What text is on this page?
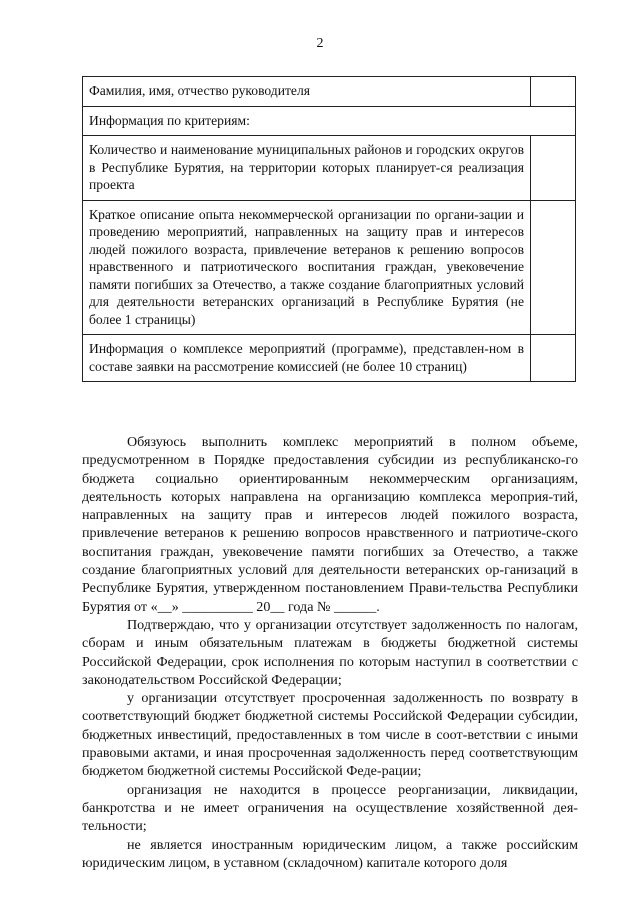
2
Фамилия, имя, отчество руководителя	
Информация по критериям:	
Количество и наименование муниципальных районов и городских округов в Республике Бурятия, на территории которых планирует-ся реализация проекта	
Краткое описание опыта некоммерческой организации по органи-зации и проведению мероприятий, направленных на защиту прав и интересов людей пожилого возраста, привлечение ветеранов к решению вопросов нравственного и патриотического воспитания граждан, увековечение памяти погибших за Отечество, а также создание благоприятных условий для деятельности ветеранских организаций в Республике Бурятия (не более 1 страницы)	
Информация о комплексе мероприятий (программе), представлен-ном в составе заявки на рассмотрение комиссией (не более 10 страниц)	

Обязуюсь выполнить комплекс мероприятий в полном объеме, предусмотренном в Порядке предоставления субсидии из республиканско-го бюджета социально ориентированным некоммерческим организациям, деятельность которых направлена на организацию комплекса мероприя-тий, направленных на защиту прав и интересов людей пожилого возраста, привлечение ветеранов к решению вопросов нравственного и патриотиче-ского воспитания граждан, увековечение памяти погибших за Отечество, а также создание благоприятных условий для деятельности ветеранских ор-ганизаций в Республике Бурятия, утвержденном постановлением Прави-тельства Республики Бурятия от «__» __________ 20__ года № ______.

Подтверждаю, что у организации отсутствует задолженность по налогам, сборам и иным обязательным платежам в бюджеты бюджетной системы Российской Федерации, срок исполнения по которым наступил в соответствии с законодательством Российской Федерации;

у организации отсутствует просроченная задолженность по возврату в соответствующий бюджет бюджетной системы Российской Федерации субсидии, бюджетных инвестиций, предоставленных в том числе в соот-ветствии с иными правовыми актами, и иная просроченная задолженность перед соответствующим бюджетом бюджетной системы Российской Феде-рации;

организация не находится в процессе реорганизации, ликвидации, банкротства и не имеет ограничения на осуществление хозяйственной дея-тельности;

не является иностранным юридическим лицом, а также российским юридическим лицом, в уставном (складочном) капитале которого доля
